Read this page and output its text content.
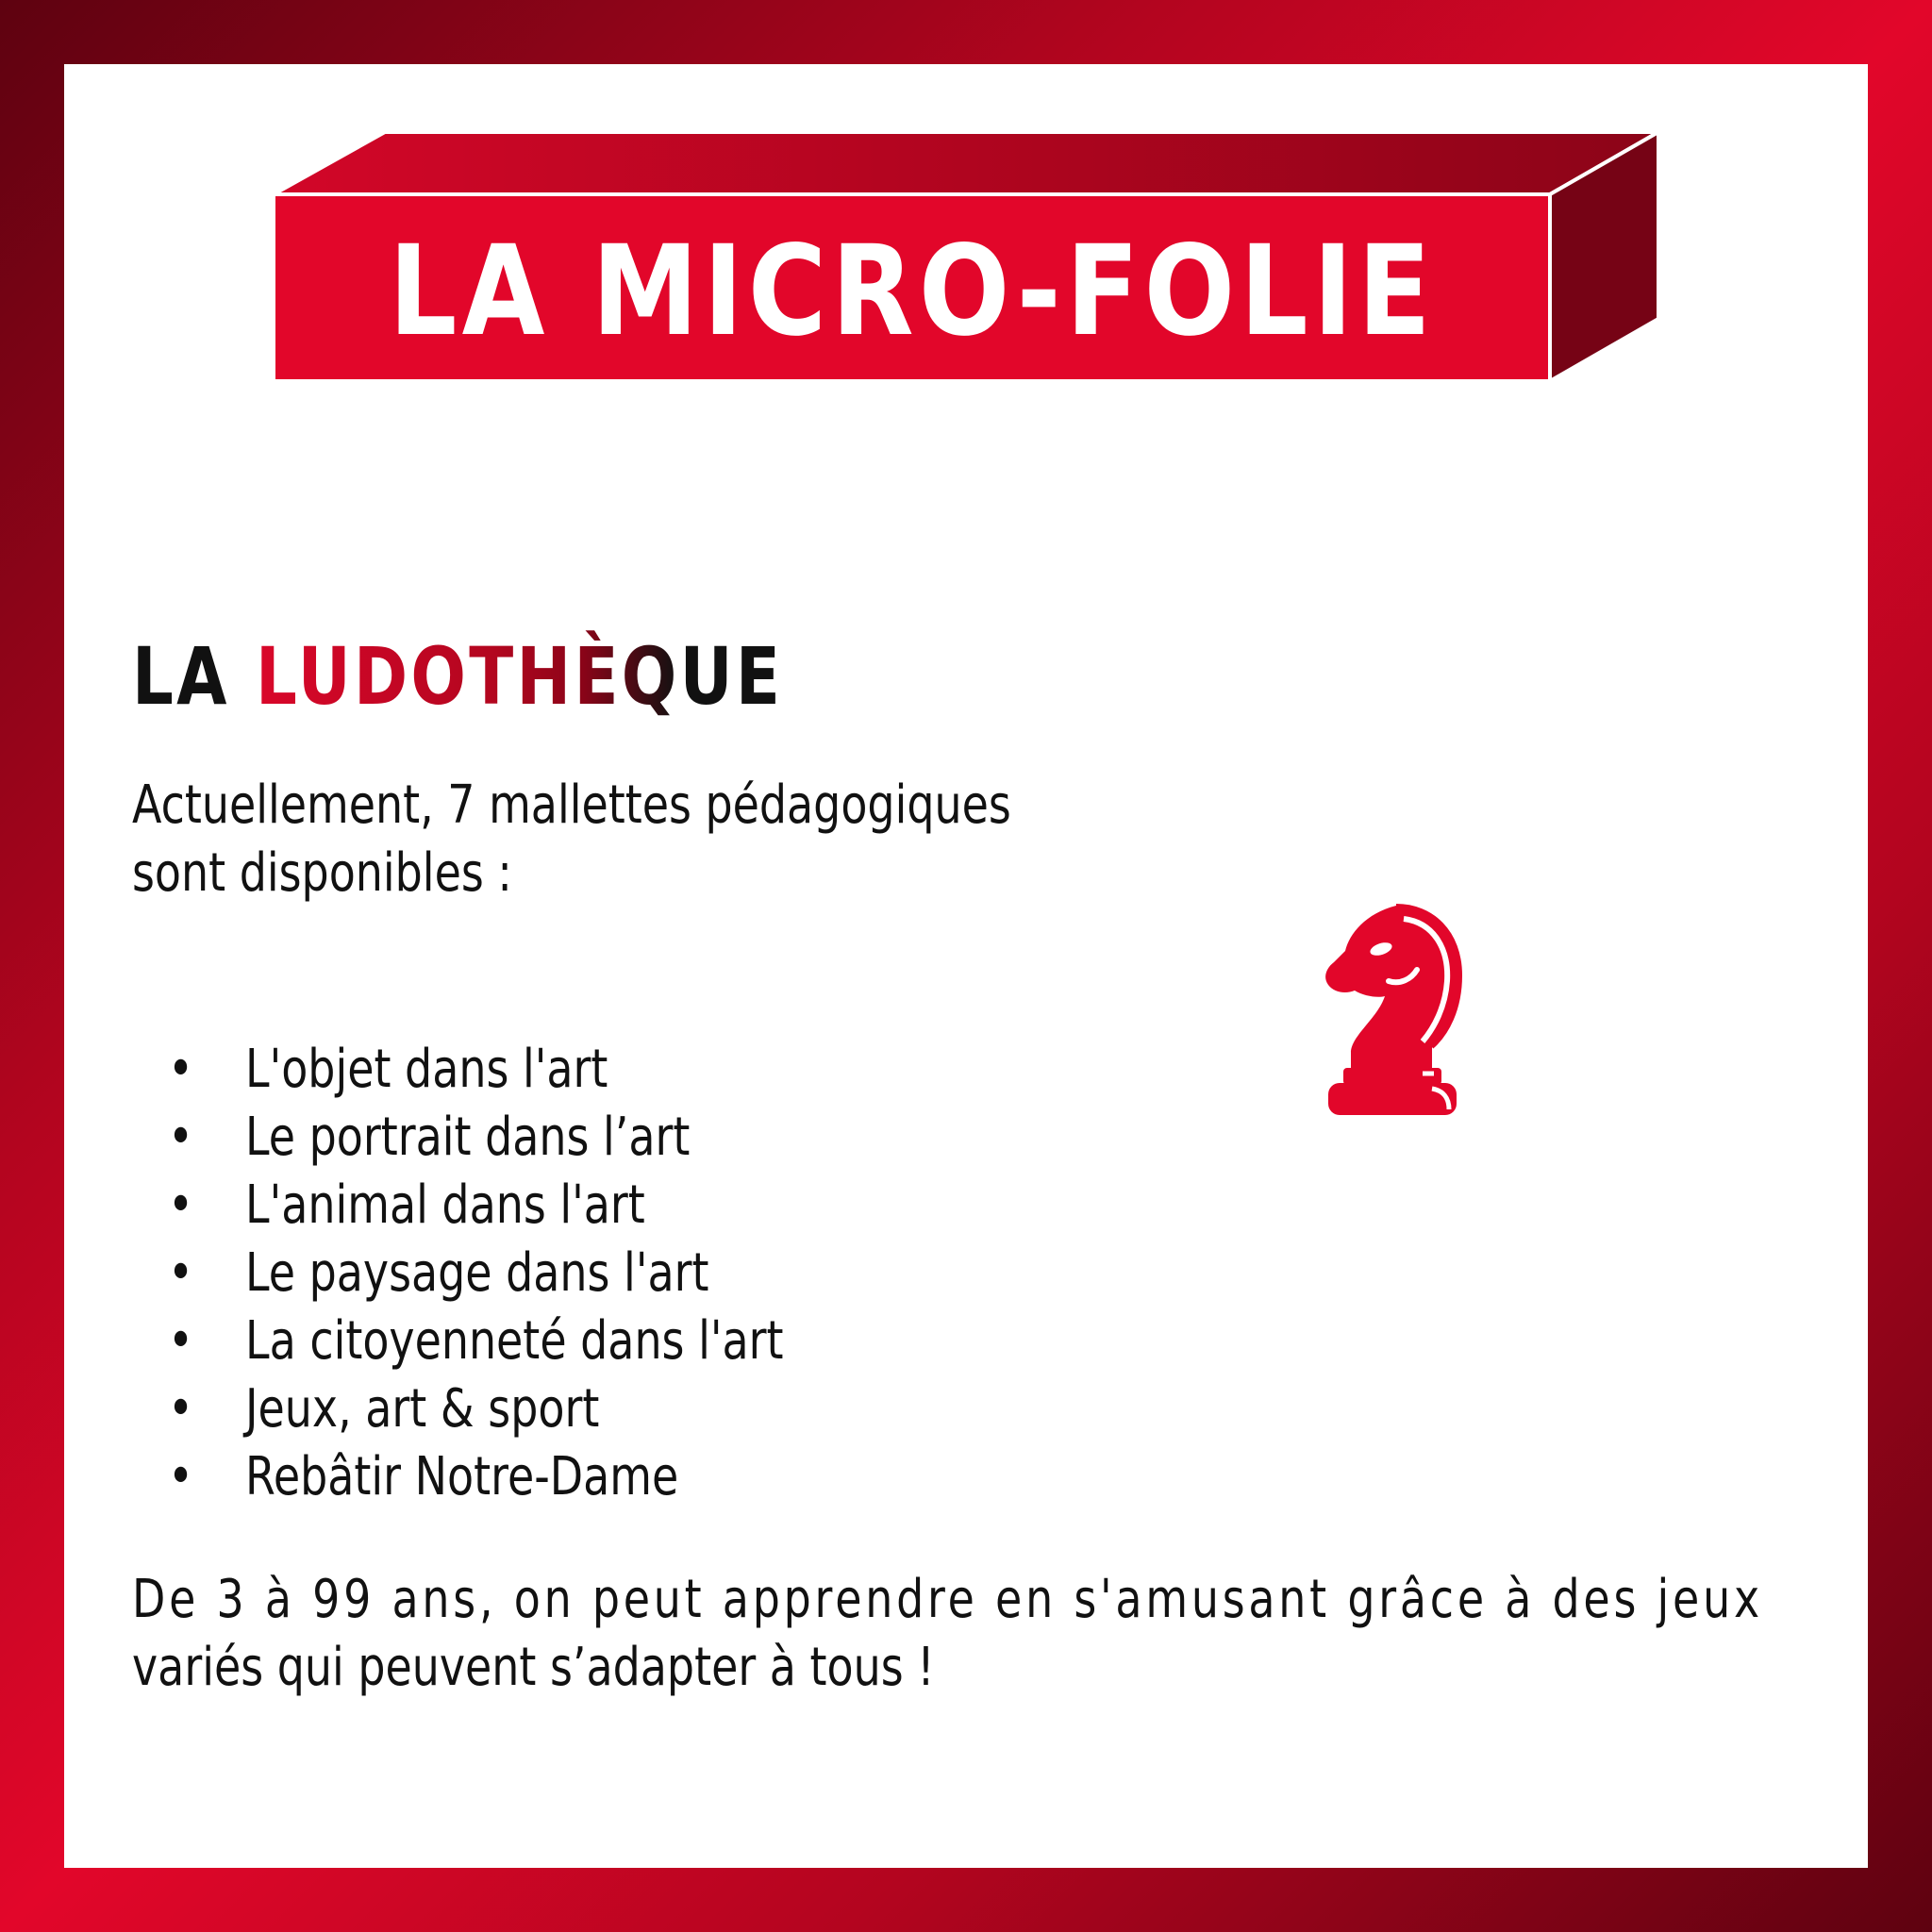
LA MICRO-FOLIE
LA LUDOTHÈQUE
Actuellement, 7 mallettes pédagogiques
sont disponibles :
• L'objet dans l'art
• Le portrait dans l’art
• L'animal dans l'art
• Le paysage dans l'art
• La citoyenneté dans l'art
• Jeux, art & sport
• Rebâtir Notre-Dame
De 3 à 99 ans, on peut apprendre en s'amusant grâce à des jeux
variés qui peuvent s’adapter à tous !
